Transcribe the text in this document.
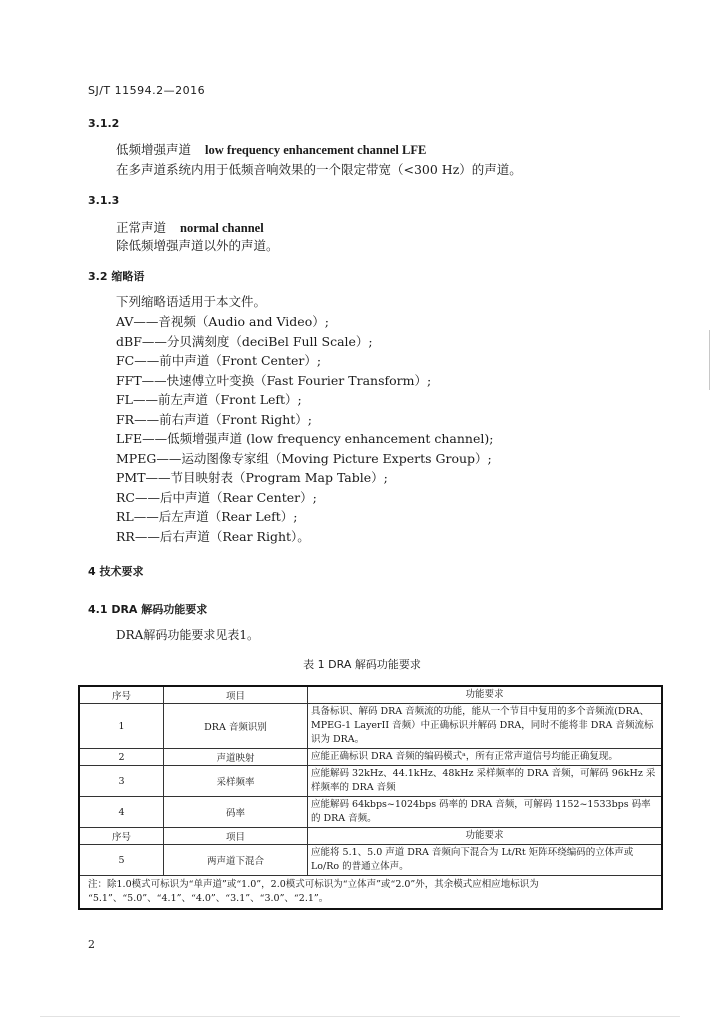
SJ/T 11594.2—2016
3.1.2
低频增强声道 low frequency enhancement channel LFE
在多声道系统内用于低频音响效果的一个限定带宽（<300 Hz）的声道。
3.1.3
正常声道 normal channel
除低频增强声道以外的声道。
3.2 缩略语
下列缩略语适用于本文件。
AV——音视频（Audio and Video）;
dBF——分贝满刻度（deciBel Full Scale）;
FC——前中声道（Front Center）;
FFT——快速傅立叶变换（Fast Fourier Transform）;
FL——前左声道（Front Left）;
FR——前右声道（Front Right）;
LFE——低频增强声道 (low frequency enhancement channel);
MPEG——运动图像专家组（Moving Picture Experts Group）;
PMT——节目映射表（Program Map Table）;
RC——后中声道（Rear Center）;
RL——后左声道（Rear Left）;
RR——后右声道（Rear Right）。
4 技术要求
4.1 DRA 解码功能要求
DRA解码功能要求见表1。
表 1 DRA 解码功能要求
序号	项目	功能要求
1	DRA 音频识别	具备标识、解码 DRA 音频流的功能，能从一个节目中复用的多个音频流(DRA、MPEG-1 LayerII 音频）中正确标识并解码 DRA，同时不能将非 DRA 音频流标识为 DRA。
2	声道映射	应能正确标识 DRA 音频的编码模式ᵃ，所有正常声道信号均能正确复现。
3	采样频率	应能解码 32kHz、44.1kHz、48kHz 采样频率的 DRA 音频，可解码 96kHz 采样频率的 DRA 音频
4	码率	应能解码 64kbps~1024bps 码率的 DRA 音频，可解码 1152~1533bps 码率的 DRA 音频。
序号	项目	功能要求
5	两声道下混合	应能将 5.1、5.0 声道 DRA 音频向下混合为 Lt/Rt 矩阵环绕编码的立体声或 Lo/Ro 的普通立体声。
注：除1.0模式可标识为“单声道”或“1.0”，2.0模式可标识为“立体声”或“2.0”外，其余模式应相应地标识为 “5.1”、“5.0”、“4.1”、“4.0”、“3.1”、“3.0”、“2.1”。		
2
